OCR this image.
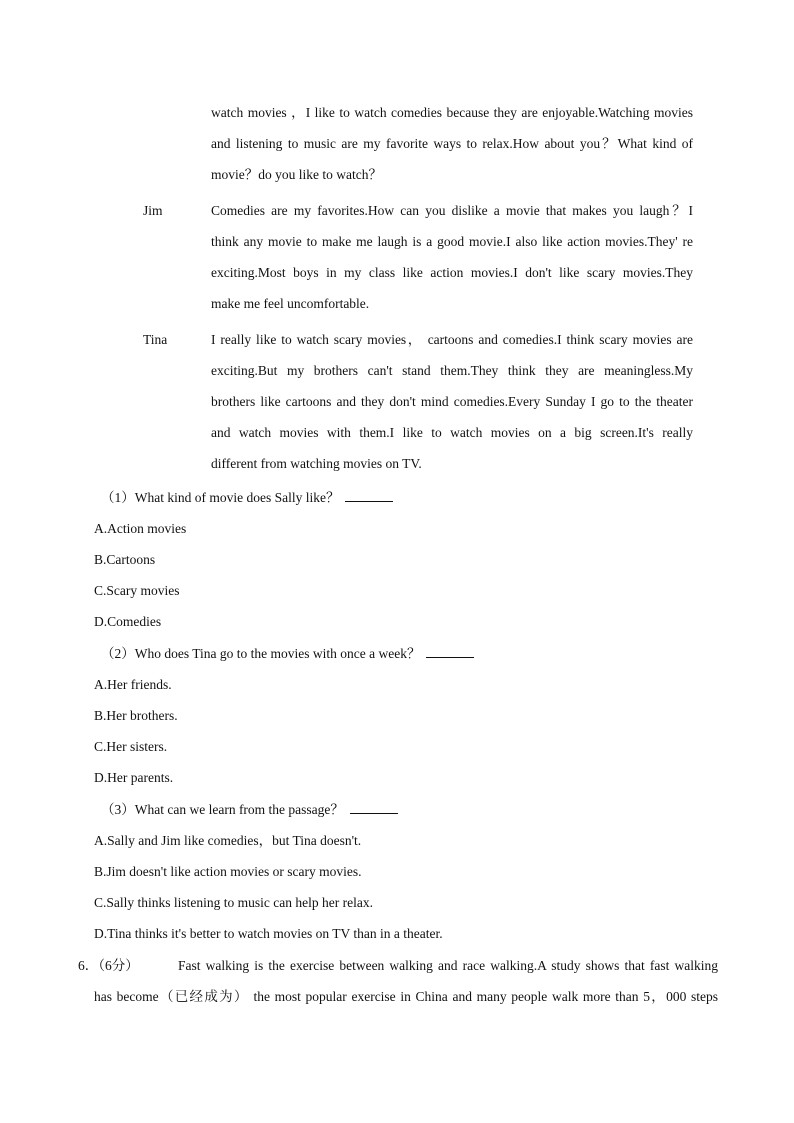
watch movies ，I like to watch comedies because they are enjoyable.Watching movies
and listening to music are my favorite ways to relax.How about you？What kind of
movie？do you like to watch？
Jim	Comedies are my favorites.How can you dislike a movie that makes you laugh？I
think any movie to make me laugh is a good movie.I also like action movies.They' re
exciting.Most boys in my class like action movies.I don't like scary movies.They
make me feel uncomfortable.
Tina	I really like to watch scary movies， cartoons and comedies.I think scary movies are
exciting.But my brothers can't stand them.They think they are meaningless.My
brothers like cartoons and they don't mind comedies.Every Sunday I go to the theater
and watch movies with them.I like to watch movies on a big screen.It's really
different from watching movies on TV.
（1）What kind of movie does Sally like？
A.Action movies
B.Cartoons
C.Scary movies
D.Comedies
（2）Who does Tina go to the movies with once a week？
A.Her friends.
B.Her brothers.
C.Her sisters.
D.Her parents.
（3）What can we learn from the passage？
A.Sally and Jim like comedies，but Tina doesn't.
B.Jim doesn't like action movies or scary movies.
C.Sally thinks listening to music can help her relax.
D.Tina thinks it's better to watch movies on TV than in a theater.
6．（6分）	Fast walking is the exercise between walking and race walking.A study shows that fast walking
has become（已经成为） the most popular exercise in China and many people walk more than 5，000 steps
